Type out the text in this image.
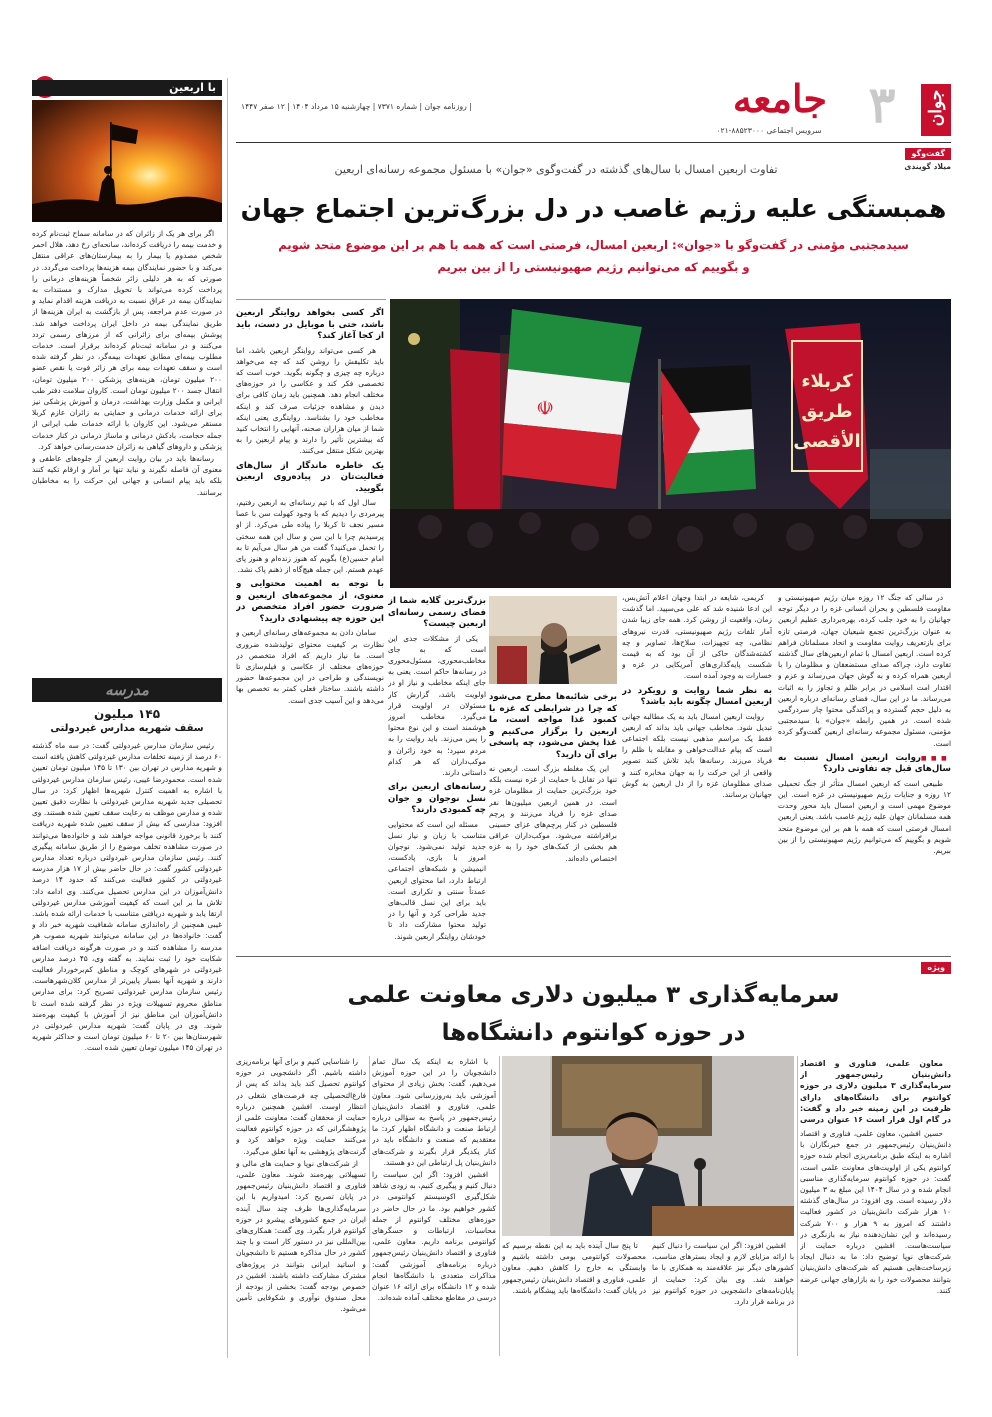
جوان
۳
جامعه
| روزنامه جوان | شماره ۷۳۷۱ | چهارشنبه ۱۵ مرداد ۱۴۰۴ | ۱۲ صفر ۱۴۴۷
سرویس اجتماعی ۸۸۵۲۳۰۰۰-۰۲۱
با اربعین

اگر برای هر یک از زائران که در سامانه سماح ثبت‌نام کرده و خدمت بیمه را دریافت کرده‌اند، سانحه‌ای رخ دهد، هلال احمر شخص مصدوم یا بیمار را به بیمارستان‌های عراقی منتقل می‌کند و با حضور نمایندگان بیمه هزینه‌ها پرداخت می‌گردد. در صورتی که به هر دلیلی زائر شخصاً هزینه‌های درمانی را پرداخت کرده می‌تواند با تحویل مدارک و مستندات به نمایندگان بیمه در عراق نسبت به دریافت هزینه اقدام نماید و در صورت عدم مراجعه، پس از بازگشت به ایران هزینه‌ها از طریق نمایندگی بیمه در داخل ایران پرداخت خواهد شد. پوشش بیمه‌ای برای زائرانی که از مرزهای رسمی تردد می‌کنند و در سامانه ثبت‌نام کرده‌اند برقرار است. خدمات مطلوب بیمه‌ای مطابق تعهدات بیمه‌گر، در نظر گرفته شده است و سقف تعهدات بیمه برای هر زائر فوت یا نقص عضو ۲۰۰ میلیون تومان، هزینه‌های پزشکی ۲۰۰ میلیون تومان، انتقال جسد ۲۰۰ میلیون تومان است. کاروان سلامت دفتر طب ایرانی و مکمل وزارت بهداشت، درمان و آموزش پزشکی نیز برای ارائه خدمات درمانی و حمایتی به زائران عازم کربلا مستقر می‌شود. این کاروان با ارائه خدمات طب ایرانی از جمله حجامت، بادکش درمانی و ماساژ درمانی در کنار خدمات پزشکی و داروهای گیاهی به زائران خدمت‌رسانی خواهد کرد.

رسانه‌ها باید در بیان روایت اربعین از جلوه‌های عاطفی و معنوی آن فاصله نگیرند و نباید تنها بر آمار و ارقام تکیه کنند بلکه باید پیام انسانی و جهانی این حرکت را به مخاطبان برسانند.

مدرسه
۱۴۵ میلیون
سقف شهریه مدارس غیردولتی

رئیس سازمان مدارس غیردولتی گفت: در سه ماه گذشته ۶۰ درصد از زمینه تخلفات مدارس غیردولتی کاهش یافته است و شهریه مدارس در تهران بین ۱۳۰ تا ۱۴۵ میلیون تومان تعیین شده است. محمودرضا غیبی، رئیس سازمان مدارس غیردولتی با اشاره به اهمیت کنترل شهریه‌ها اظهار کرد: در سال تحصیلی جدید شهریه مدارس غیردولتی با نظارت دقیق تعیین شده و مدارس موظف به رعایت سقف تعیین شده هستند. وی افزود: مدارسی که بیش از سقف تعیین شده شهریه دریافت کنند با برخورد قانونی مواجه خواهند شد و خانواده‌ها می‌توانند در صورت مشاهده تخلف موضوع را از طریق سامانه پیگیری کنند. رئیس سازمان مدارس غیردولتی درباره تعداد مدارس غیردولتی کشور گفت: در حال حاضر بیش از ۱۷ هزار مدرسه غیردولتی در کشور فعالیت می‌کنند که حدود ۱۴ درصد دانش‌آموزان در این مدارس تحصیل می‌کنند. وی ادامه داد: تلاش ما بر این است که کیفیت آموزشی مدارس غیردولتی ارتقا یابد و شهریه دریافتی متناسب با خدمات ارائه شده باشد. غیبی همچنین از راه‌اندازی سامانه شفافیت شهریه خبر داد و گفت: خانواده‌ها در این سامانه می‌توانند شهریه مصوب هر مدرسه را مشاهده کنند و در صورت هرگونه دریافت اضافه شکایت خود را ثبت نمایند. به گفته وی، ۴۵ درصد مدارس غیردولتی در شهرهای کوچک و مناطق کم‌برخوردار فعالیت دارند و شهریه آنها بسیار پایین‌تر از مدارس کلان‌شهرهاست. رئیس سازمان مدارس غیردولتی تصریح کرد: برای مدارس مناطق محروم تسهیلات ویژه در نظر گرفته شده است تا دانش‌آموزان این مناطق نیز از آموزش با کیفیت بهره‌مند شوند. وی در پایان گفت: شهریه مدارس غیردولتی در شهرستان‌ها بین ۲۰ تا ۶۰ میلیون تومان است و حداکثر شهریه در تهران ۱۴۵ میلیون تومان تعیین شده است.

گفت‌وگو
میلاد گویندی
تفاوت اربعین امسال با سال‌های گذشته در گفت‌وگوی «جوان» با مسئول مجموعه رسانه‌ای اربعین
همبستگی علیه رژیم غاصب در دل بزرگ‌ترین اجتماع جهان
سیدمجتبی مؤمنی در گفت‌وگو با «جوان»: اربعین امسال، فرصتی است که همه با هم بر این موضوع متحد شویم
و بگوییم که می‌توانیم رژیم صهیونیستی را از بین ببریم
☫
كربلاء
طريق
الأقصى
اگر کسی بخواهد روایتگر اربعین باشد، حتی با موبایل در دست، باید از کجا آغاز کند؟

هر کسی می‌تواند روایتگر اربعین باشد، اما باید تکلیفش را روشن کند که چه می‌خواهد درباره چه چیزی و چگونه بگوید. خوب است که تخصصی فکر کند و عکاسی را در حوزه‌های مختلف انجام دهد. همچنین باید زمان کافی برای دیدن و مشاهده جزئیات صرف کند و اینکه مخاطب خود را بشناسد. روایتگری یعنی اینکه شما از میان هزاران صحنه، آنهایی را انتخاب کنید که بیشترین تأثیر را دارند و پیام اربعین را به بهترین شکل منتقل می‌کنند.

یک خاطره ماندگار از سال‌های فعالیت‌تان در پیاده‌روی اربعین بگویید.

سال اول که با تیم رسانه‌ای به اربعین رفتیم، پیرمردی را دیدیم که با وجود کهولت سن با عصا مسیر نجف تا کربلا را پیاده طی می‌کرد. از او پرسیدیم چرا با این سن و سال این همه سختی را تحمل می‌کنید؟ گفت من هر سال می‌آیم تا به امام حسین(ع) بگویم که هنوز زنده‌ام و هنوز پای عهدم هستم. این جمله هیچ‌گاه از ذهنم پاک نشد.

با توجه به اهمیت محتوایی و معنوی، از مجموعه‌های اربعین و ضرورت حضور افراد متخصص در این حوزه چه پیشنهادی دارید؟

سامان دادن به مجموعه‌های رسانه‌ای اربعین و نظارت بر کیفیت محتوای تولیدشده ضروری است. ما نیاز داریم که افراد متخصص در حوزه‌های مختلف از عکاسی و فیلم‌سازی تا نویسندگی و طراحی در این مجموعه‌ها حضور داشته باشند. ساختار فعلی کمتر به تخصص بها می‌دهد و این آسیب جدی است.

بزرگ‌ترین گلایه شما از فضای رسمی رسانه‌ای اربعین چیست؟

یکی از مشکلات جدی این است که به جای مخاطب‌محوری، مسئول‌محوری در رسانه‌ها حاکم است. یعنی به جای اینکه مخاطب و نیاز او در اولویت باشد، گزارش کار مسئولان در اولویت قرار می‌گیرد. مخاطب امروز هوشمند است و این نوع محتوا را پس می‌زند. باید روایت را به مردم سپرد؛ به خود زائران و موکب‌داران که هر کدام داستانی دارند.

رسانه‌های اربعین برای نسل نوجوان و جوان چه کمبودی دارند؟

مسئله این است که محتوایی متناسب با زبان و نیاز نسل جدید تولید نمی‌شود. نوجوان امروز با بازی، پادکست، انیمیشن و شبکه‌های اجتماعی ارتباط دارد، اما محتوای اربعین عمدتاً سنتی و تکراری است. باید برای این نسل قالب‌های جدید طراحی کرد و آنها را در تولید محتوا مشارکت داد تا خودشان روایتگر اربعین شوند.

برخی شائبه‌ها مطرح می‌شود که چرا در شرایطی که غزه با کمبود غذا مواجه است، ما اربعین را برگزار می‌کنیم و غذا پخش می‌شود، چه پاسخی برای آن دارید؟

این یک مغلطه بزرگ است. اربعین نه تنها در تقابل با حمایت از غزه نیست بلکه خود بزرگ‌ترین حمایت از مظلومان غزه است. در همین اربعین میلیون‌ها نفر صدای غزه را فریاد می‌زنند و پرچم فلسطین در کنار پرچم‌های عزای حسینی برافراشته می‌شود. موکب‌داران عراقی هم بخشی از کمک‌های خود را به غزه اختصاص داده‌اند.

کریمی، شایعه در ابتدا وجهان اعلام آتش‌بس، این ادعا شنیده شد که علی می‌سپید. اما گذشت زمان، واقعیت از روشن کرد. همه جای زیبا شدن آمار تلفات رژیم صهیونیستی، قدرت نیروهای نظامی، چه تجهیزات، سلاح‌ها، تصاویر و چه کشته‌شدگان حاکی از آن بود که به قیمت شکست پایه‌گذاری‌های آمریکایی در غزه و خسارات به وجود آمده است.

به نظر شما روایت و رویکرد در اربعین امسال چگونه باید باشد؟

روایت اربعین امسال باید به یک مطالبه جهانی تبدیل شود. مخاطب جهانی باید بداند که اربعین فقط یک مراسم مذهبی نیست بلکه اجتماعی است که پیام عدالت‌خواهی و مقابله با ظلم را فریاد می‌زند. رسانه‌ها باید تلاش کنند تصویر واقعی از این حرکت را به جهان مخابره کنند و صدای مظلومان غزه را از دل اربعین به گوش جهانیان برسانند.

در سالی که جنگ ۱۲ روزه میان رژیم صهیونیستی و مقاومت فلسطین و بحران انسانی غزه را در دیگر توجه جهانیان را به خود جلب کرده، بهره‌برداری عظیم اربعین به عنوان بزرگ‌ترین تجمع شیعیان جهان، فرصتی تازه برای بازتعریف روایت مقاومت و اتحاد مسلمانان فراهم کرده است. اربعین امسال با تمام اربعین‌های سال گذشته تفاوت دارد، چراکه صدای مستضعفان و مظلومان را با اربعین همراه کرده و به گوش جهان می‌رساند و عزم و اقتدار امت اسلامی در برابر ظلم و تجاوز را به اثبات می‌رساند. ما در این سال، فضای رسانه‌ای درباره اربعین به دلیل حجم گسترده و پراکندگی محتوا چار سردرگمی شده است. در همین رابطه «جوان» با سیدمجتبی مؤمنی، مسئول مجموعه رسانه‌ای اربعین گفت‌وگو کرده است.

■■■ روایت اربعین امسال نسبت به سال‌های قبل چه تفاوتی دارد؟

طبیعی است که اربعین امسال متأثر از جنگ تحمیلی ۱۲ روزه و جنایات رژیم صهیونیستی در غزه است. این موضوع مهمی است و اربعین امسال باید محور وحدت همه مسلمانان جهان علیه رژیم غاصب باشد. یعنی اربعین امسال فرصتی است که همه با هم بر این موضوع متحد شویم و بگوییم که می‌توانیم رژیم صهیونیستی را از بین ببریم.

ویژه
سرمایه‌گذاری ۳ میلیون دلاری معاونت علمی
در حوزه کوانتوم دانشگاه‌ها

معاون علمی، فناوری و اقتصاد دانش‌بنیان رئیس‌جمهور از سرمایه‌گذاری ۳ میلیون دلاری در حوزه کوانتوم برای دانشگاه‌های دارای ظرفیت در این زمینه خبر داد و گفت: در گام اول قرار است ۱۶ عنوان درسی

حسین افشین، معاون علمی، فناوری و اقتصاد دانش‌بنیان رئیس‌جمهور در جمع خبرنگاران با اشاره به اینکه طبق برنامه‌ریزی انجام شده حوزه کوانتوم یکی از اولویت‌های معاونت علمی است، گفت: در حوزه کوانتوم سرمایه‌گذاری مناسبی انجام شده و در سال ۱۴۰۴ این مبلغ به ۳ میلیون دلار رسیده است. وی افزود: در سال‌های گذشته ۱۰ هزار شرکت دانش‌بنیان در کشور فعالیت داشتند که امروز به ۹ هزار و ۷۰۰ شرکت رسیده‌اند و این نشان‌دهنده نیاز به بازنگری در سیاست‌هاست. افشین درباره حمایت از شرکت‌های نوپا توضیح داد: ما به دنبال ایجاد زیرساخت‌هایی هستیم که شرکت‌های دانش‌بنیان بتوانند محصولات خود را به بازارهای جهانی عرضه کنند.

افشین افزود: اگر این سیاست را دنبال کنیم با ارائه مزایای لازم و ایجاد بسترهای مناسب، کشورهای دیگر نیز علاقه‌مند به همکاری با ما خواهند شد. وی بیان کرد: حمایت از پایان‌نامه‌های دانشجویی در حوزه کوانتوم نیز در برنامه قرار دارد.

تا پنج سال آینده باید به این نقطه برسیم که محصولات کوانتومی بومی داشته باشیم و وابستگی به خارج را کاهش دهیم. معاون علمی، فناوری و اقتصاد دانش‌بنیان رئیس‌جمهور در پایان گفت: دانشگاه‌ها باید پیشگام باشند.

با اشاره به اینکه یک سال تمام دانشجویان را در این حوزه آموزش می‌دهیم، گفت: بخش زیادی از محتوای آموزشی باید به‌روزرسانی شود. معاون علمی، فناوری و اقتصاد دانش‌بنیان رئیس‌جمهور در پاسخ به سؤالی درباره ارتباط صنعت و دانشگاه اظهار کرد: ما معتقدیم که صنعت و دانشگاه باید در کنار یکدیگر قرار بگیرند و شرکت‌های دانش‌بنیان پل ارتباطی این دو هستند.

افشین افزود: اگر این سیاست را دنبال کنیم و پیگیری کنیم، به زودی شاهد شکل‌گیری اکوسیستم کوانتومی در کشور خواهیم بود. ما در حال حاضر در حوزه‌های مختلف کوانتوم از جمله محاسبات، ارتباطات و حسگرهای کوانتومی برنامه داریم. معاون علمی، فناوری و اقتصاد دانش‌بنیان رئیس‌جمهور درباره برنامه‌های آموزشی گفت: مذاکرات متعددی با دانشگاه‌ها انجام شده و ۱۲ دانشگاه برای ارائه ۱۶ عنوان درسی در مقاطع مختلف آماده شده‌اند.

را شناسایی کنیم و برای آنها برنامه‌ریزی داشته باشیم. اگر دانشجویی در حوزه کوانتوم تحصیل کند باید بداند که پس از فارغ‌التحصیلی چه فرصت‌های شغلی در انتظار اوست. افشین همچنین درباره حمایت از محققان گفت: معاونت علمی از پژوهشگرانی که در حوزه کوانتوم فعالیت می‌کنند حمایت ویژه خواهد کرد و گرنت‌های پژوهشی به آنها تعلق می‌گیرد.

از شرکت‌های نوپا و حمایت های مالی و تسهیلاتی بهره‌مند شوند. معاون علمی، فناوری و اقتصاد دانش‌بنیان رئیس‌جمهور در پایان تصریح کرد: امیدواریم با این سرمایه‌گذاری‌ها ظرف چند سال آینده ایران در جمع کشورهای پیشرو در حوزه کوانتوم قرار بگیرد. وی گفت: همکاری‌های بین‌المللی نیز در دستور کار است و با چند کشور در حال مذاکره هستیم تا دانشجویان و اساتید ایرانی بتوانند در پروژه‌های مشترک مشارکت داشته باشند. افشین در خصوص بودجه گفت: بخشی از بودجه از محل صندوق نوآوری و شکوفایی تأمین می‌شود.
